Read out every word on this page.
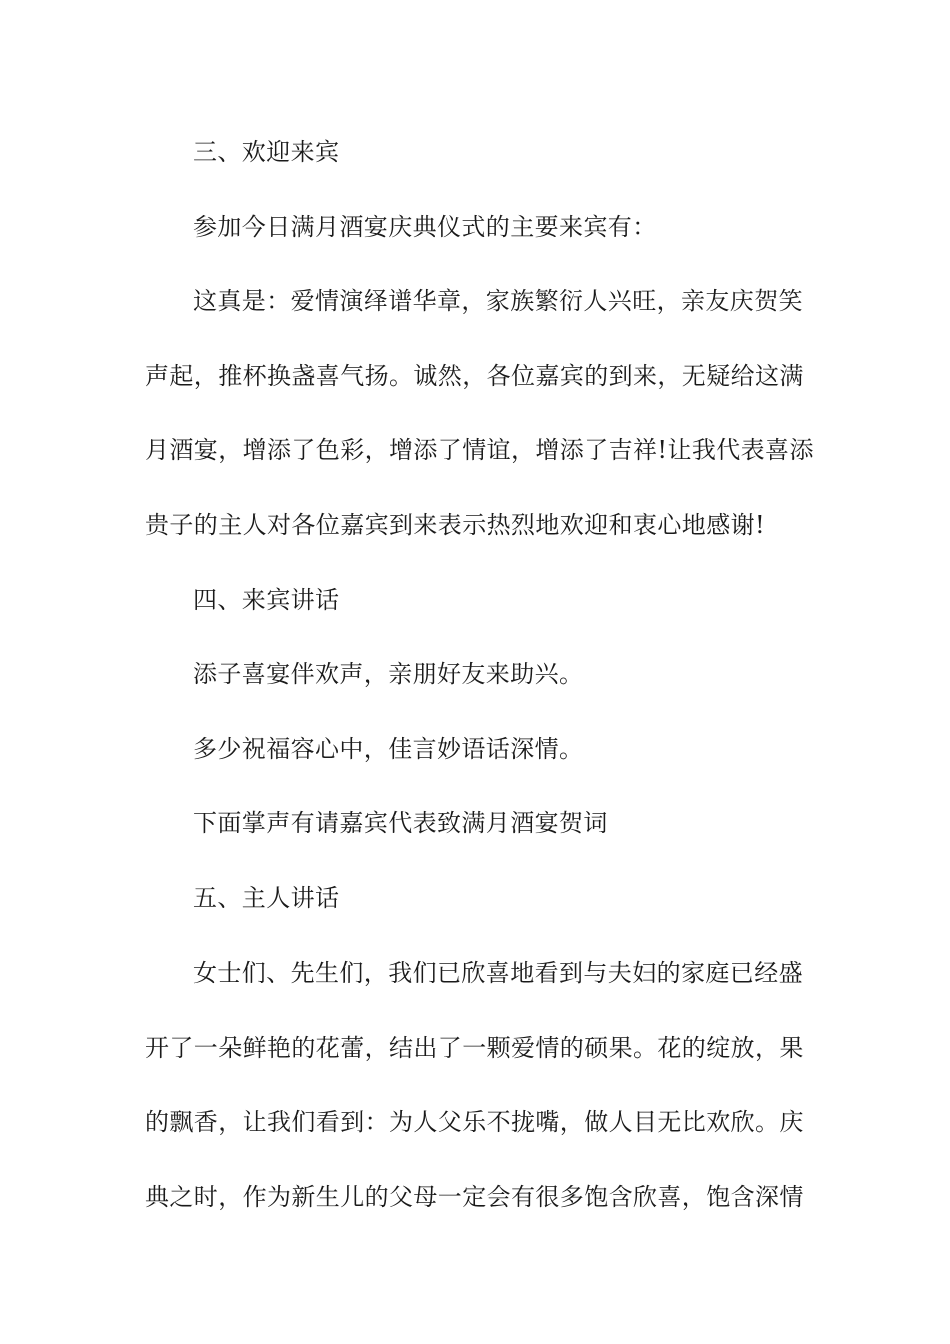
三、欢迎来宾

参加今日满月酒宴庆典仪式的主要来宾有：

这真是：爱情演绎谱华章，家族繁衍人兴旺，亲友庆贺笑声起，推杯换盏喜气扬。诚然，各位嘉宾的到来，无疑给这满月酒宴，增添了色彩，增添了情谊，增添了吉祥!让我代表喜添贵子的主人对各位嘉宾到来表示热烈地欢迎和衷心地感谢!

四、来宾讲话

添子喜宴伴欢声，亲朋好友来助兴。

多少祝福容心中，佳言妙语话深情。

下面掌声有请嘉宾代表致满月酒宴贺词

五、主人讲话

女士们、先生们，我们已欣喜地看到与夫妇的家庭已经盛开了一朵鲜艳的花蕾，结出了一颗爱情的硕果。花的绽放，果的飘香，让我们看到：为人父乐不拢嘴，做人目无比欢欣。庆典之时，作为新生儿的父母一定会有很多饱含欣喜，饱含深情
